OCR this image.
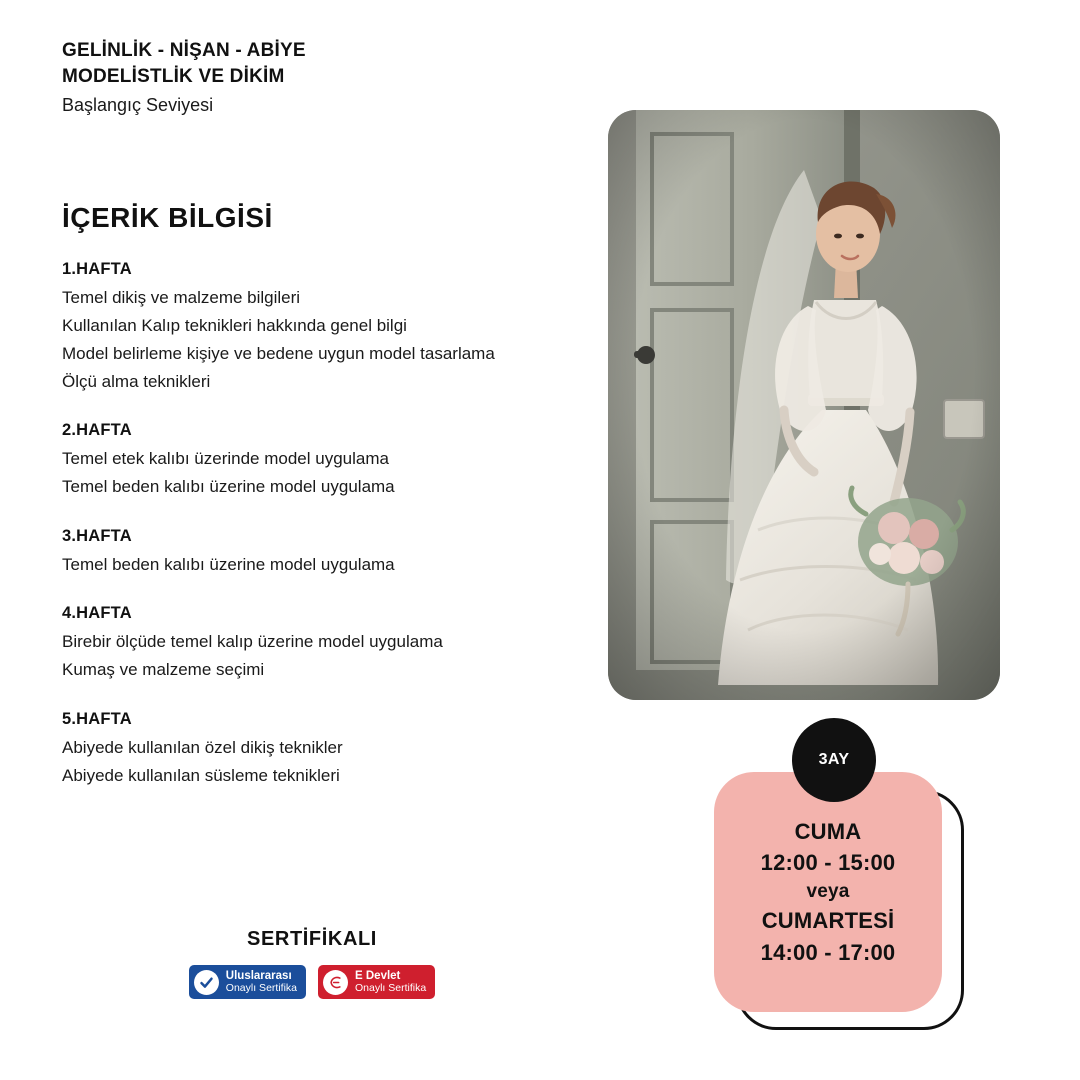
GELİNLİK - NİŞAN - ABİYE
MODELİSTLİK VE DİKİM
Başlangıç Seviyesi
İÇERİK BİLGİSİ
1.HAFTA
Temel dikiş ve malzeme bilgileri
Kullanılan Kalıp teknikleri hakkında genel bilgi
Model belirleme kişiye ve bedene uygun model tasarlama
Ölçü alma teknikleri
2.HAFTA
Temel etek kalıbı üzerinde model uygulama
Temel beden kalıbı üzerine model uygulama
3.HAFTA
Temel beden kalıbı üzerine model uygulama
4.HAFTA
Birebir ölçüde temel kalıp üzerine model uygulama
Kumaş ve malzeme seçimi
5.HAFTA
Abiyede kullanılan özel dikiş teknikler
Abiyede kullanılan süsleme teknikleri
SERTİFİKALI
Uluslararası
Onaylı Sertifika
E Devlet
Onaylı Sertifika
CUMA
12:00 - 15:00
veya
CUMARTESİ
14:00 - 17:00
3AY
